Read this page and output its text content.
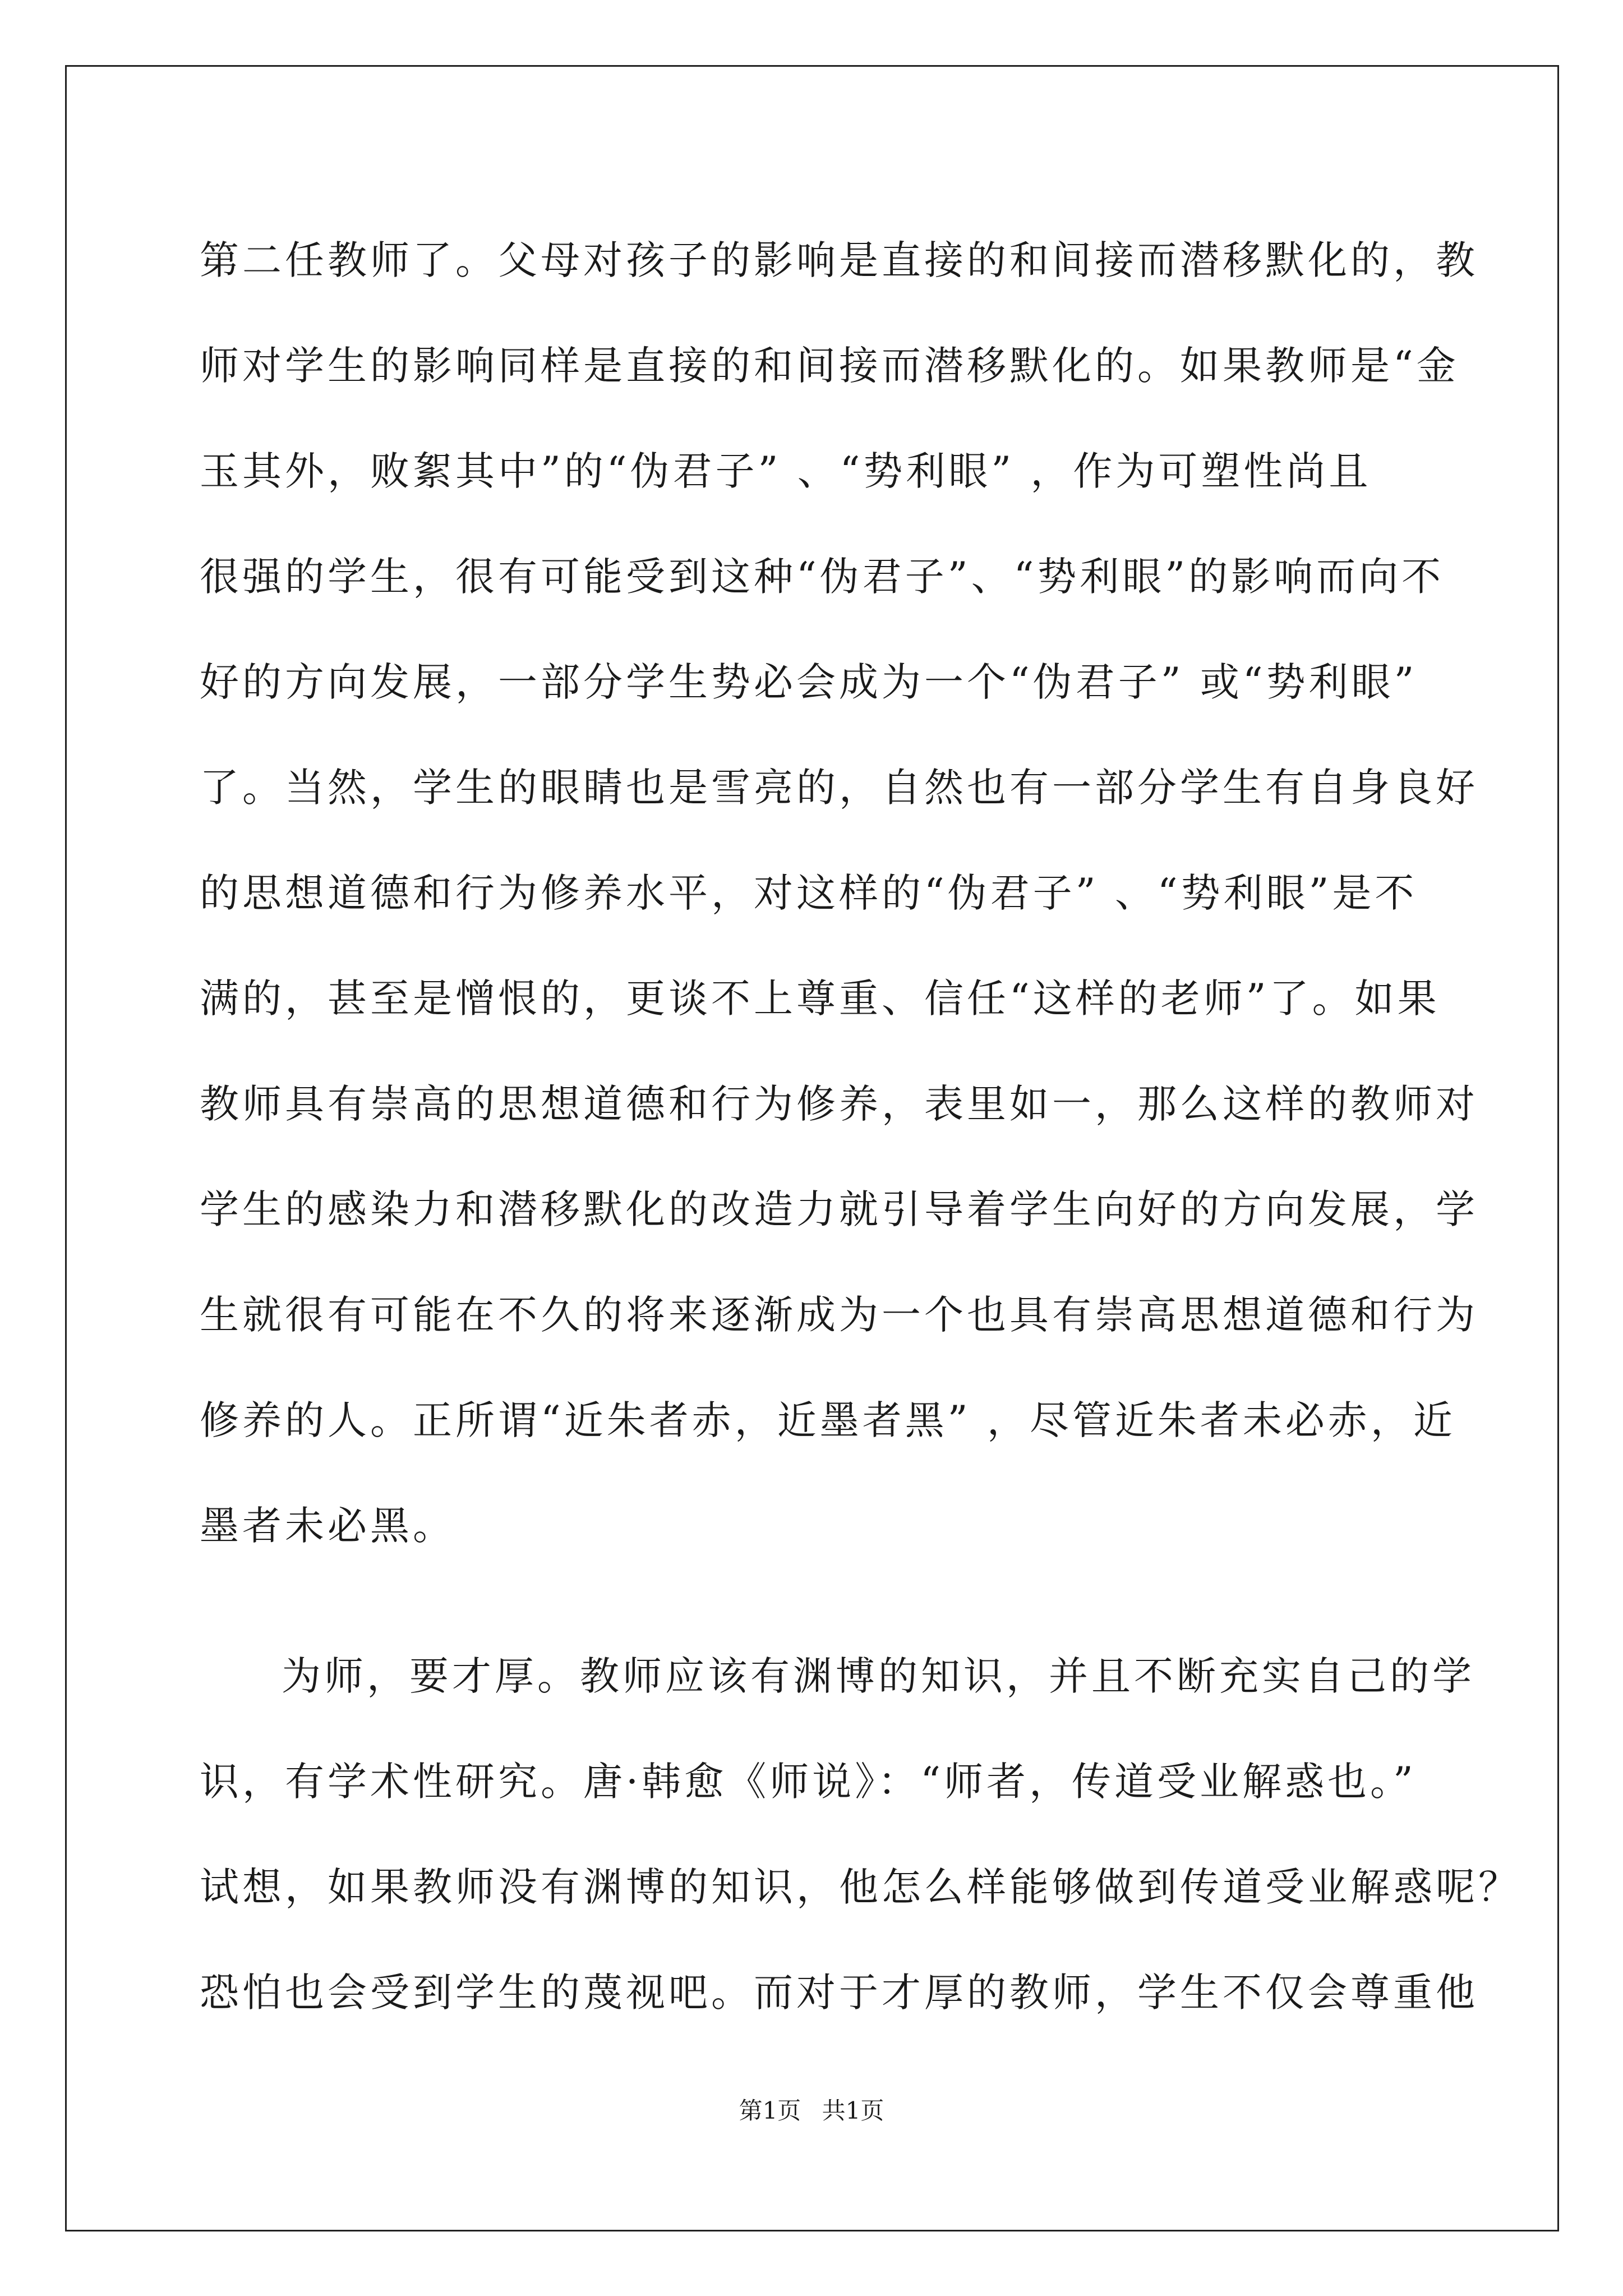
第二任教师了。父母对孩子的影响是直接的和间接而潜移默化的，教
师对学生的影响同样是直接的和间接而潜移默化的。如果教师是“金
玉其外，败絮其中”的“伪君子” 、“势利眼” ，作为可塑性尚且
很强的学生，很有可能受到这种“伪君子”、“势利眼”的影响而向不
好的方向发展，一部分学生势必会成为一个“伪君子” 或“势利眼”
了。当然，学生的眼睛也是雪亮的，自然也有一部分学生有自身良好
的思想道德和行为修养水平，对这样的“伪君子” 、“势利眼”是不
满的，甚至是憎恨的，更谈不上尊重、信任“这样的老师”了。如果
教师具有崇高的思想道德和行为修养，表里如一，那么这样的教师对
学生的感染力和潜移默化的改造力就引导着学生向好的方向发展，学
生就很有可能在不久的将来逐渐成为一个也具有崇高思想道德和行为
修养的人。正所谓“近朱者赤，近墨者黑” ，尽管近朱者未必赤，近
墨者未必黑。
为师，要才厚。教师应该有渊博的知识，并且不断充实自己的学
识，有学术性研究。唐·韩愈《师说》：“师者，传道受业解惑也。”
试想，如果教师没有渊博的知识，他怎么样能够做到传道受业解惑呢？
恐怕也会受到学生的蔑视吧。而对于才厚的教师，学生不仅会尊重他
第1页 共1页
